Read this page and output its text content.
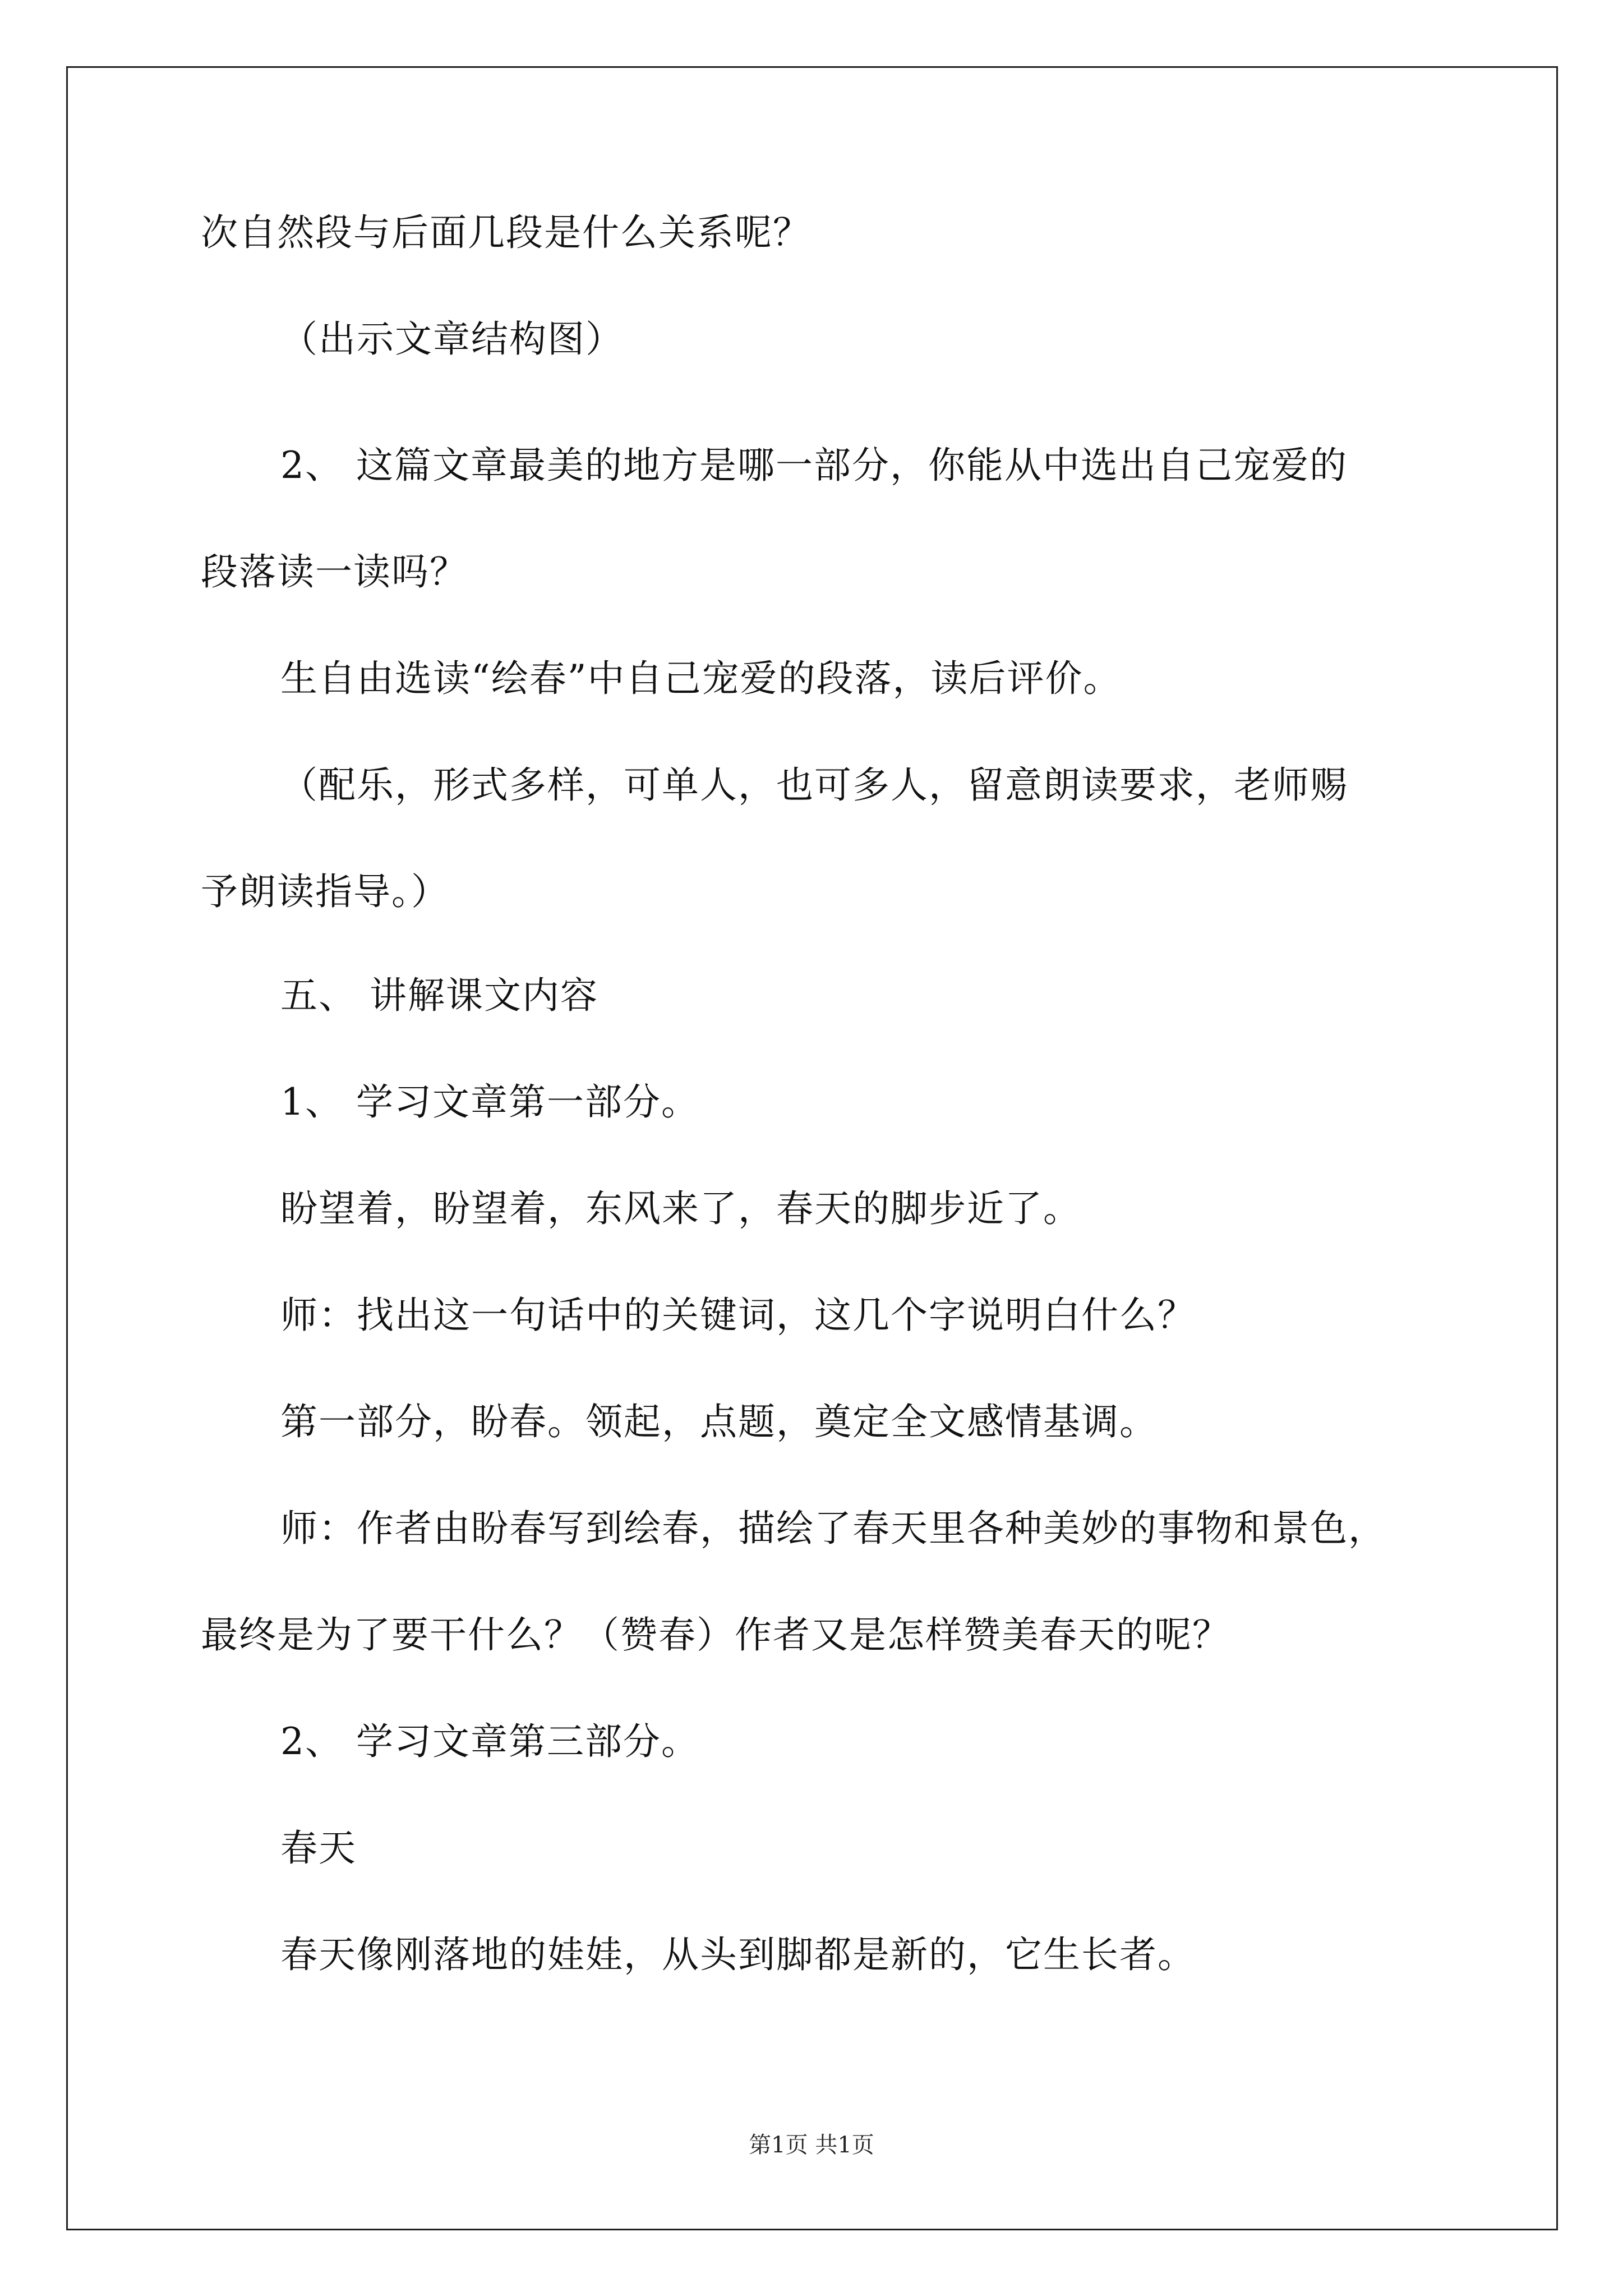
次自然段与后面几段是什么关系呢？
（出示文章结构图）
2、 这篇文章最美的地方是哪一部分，你能从中选出自己宠爱的
段落读一读吗？
生自由选读“绘春”中自己宠爱的段落，读后评价。
（配乐，形式多样，可单人，也可多人，留意朗读要求，老师赐
予朗读指导。）
五、 讲解课文内容
1、 学习文章第一部分。
盼望着，盼望着，东风来了，春天的脚步近了。
师：找出这一句话中的关键词，这几个字说明白什么？
第一部分，盼春。领起，点题，奠定全文感情基调。
师：作者由盼春写到绘春，描绘了春天里各种美妙的事物和景色，
最终是为了要干什么？（赞春）作者又是怎样赞美春天的呢？
2、 学习文章第三部分。
春天
春天像刚落地的娃娃，从头到脚都是新的，它生长者。
第1页 共1页
